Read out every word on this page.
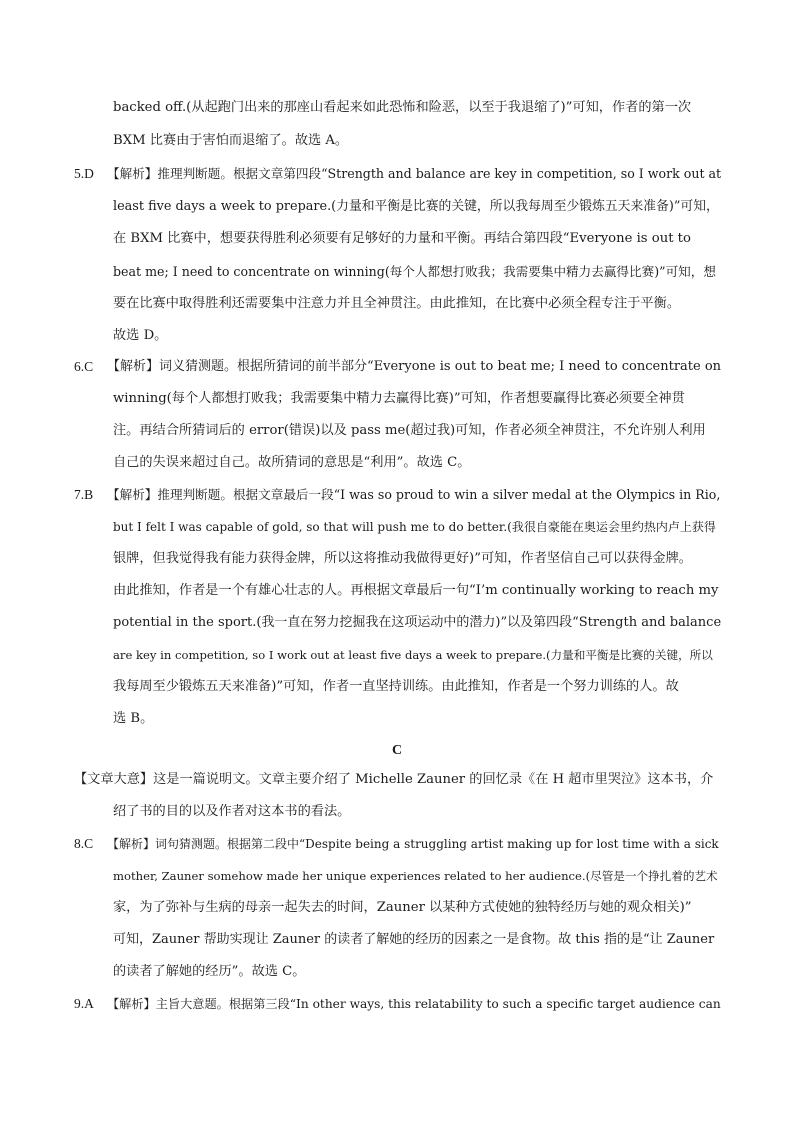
backed off.(从起跑门出来的那座山看起来如此恐怖和险恶，以至于我退缩了)”可知，作者的第一次
BXM 比赛由于害怕而退缩了。故选 A。
5.D 【解析】推理判断题。根据文章第四段“Strength and balance are key in competition, so I work out at
least five days a week to prepare.(力量和平衡是比赛的关键，所以我每周至少锻炼五天来准备)”可知，
在 BXM 比赛中，想要获得胜利必须要有足够好的力量和平衡。再结合第四段“Everyone is out to
beat me; I need to concentrate on winning(每个人都想打败我；我需要集中精力去赢得比赛)”可知，想
要在比赛中取得胜利还需要集中注意力并且全神贯注。由此推知，在比赛中必须全程专注于平衡。
故选 D。
6.C 【解析】词义猜测题。根据所猜词的前半部分“Everyone is out to beat me; I need to concentrate on
winning(每个人都想打败我；我需要集中精力去赢得比赛)”可知，作者想要赢得比赛必须要全神贯
注。再结合所猜词后的 error(错误)以及 pass me(超过我)可知，作者必须全神贯注，不允许别人利用
自己的失误来超过自己。故所猜词的意思是“利用”。故选 C。
7.B 【解析】推理判断题。根据文章最后一段“I was so proud to win a silver medal at the Olympics in Rio,
but I felt I was capable of gold, so that will push me to do better.(我很自豪能在奥运会里约热内卢上获得
银牌，但我觉得我有能力获得金牌，所以这将推动我做得更好)”可知，作者坚信自己可以获得金牌。
由此推知，作者是一个有雄心壮志的人。再根据文章最后一句“I’m continually working to reach my
potential in the sport.(我一直在努力挖掘我在这项运动中的潜力)”以及第四段“Strength and balance
are key in competition, so I work out at least five days a week to prepare.(力量和平衡是比赛的关键，所以
我每周至少锻炼五天来准备)”可知，作者一直坚持训练。由此推知，作者是一个努力训练的人。故
选 B。
C
【文章大意】这是一篇说明文。文章主要介绍了 Michelle Zauner 的回忆录《在 H 超市里哭泣》这本书，介
绍了书的目的以及作者对这本书的看法。
8.C 【解析】词句猜测题。根据第二段中“Despite being a struggling artist making up for lost time with a sick
mother, Zauner somehow made her unique experiences related to her audience.(尽管是一个挣扎着的艺术
家，为了弥补与生病的母亲一起失去的时间，Zauner 以某种方式使她的独特经历与她的观众相关)”
可知，Zauner 帮助实现让 Zauner 的读者了解她的经历的因素之一是食物。故 this 指的是“让 Zauner
的读者了解她的经历”。故选 C。
9.A 【解析】主旨大意题。根据第三段“In other ways, this relatability to such a specific target audience can
